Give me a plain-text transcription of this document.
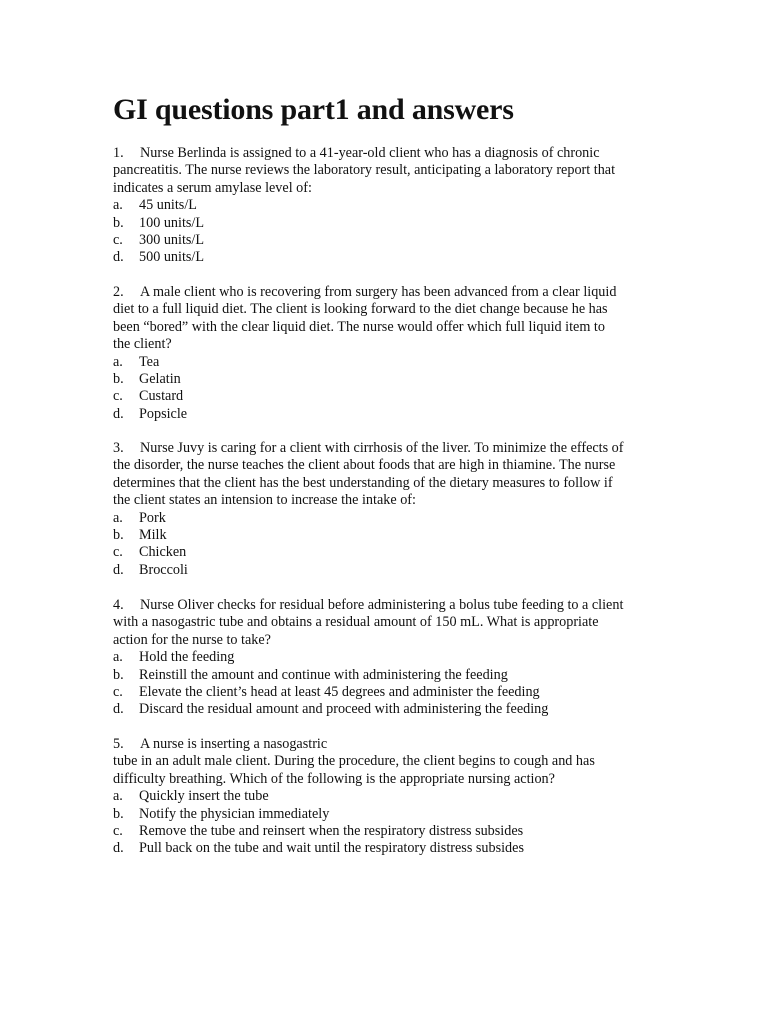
GI questions part1 and answers

1. Nurse Berlinda is assigned to a 41-year-old client who has a diagnosis of chronic
pancreatitis. The nurse reviews the laboratory result, anticipating a laboratory report that
indicates a serum amylase level of:

a. 45 units/L
b. 100 units/L
c. 300 units/L
d. 500 units/L

2. A male client who is recovering from surgery has been advanced from a clear liquid
diet to a full liquid diet. The client is looking forward to the diet change because he has
been “bored” with the clear liquid diet. The nurse would offer which full liquid item to
the client?

a. Tea
b. Gelatin
c. Custard
d. Popsicle

3. Nurse Juvy is caring for a client with cirrhosis of the liver. To minimize the effects of
the disorder, the nurse teaches the client about foods that are high in thiamine. The nurse
determines that the client has the best understanding of the dietary measures to follow if
the client states an intension to increase the intake of:

a. Pork
b. Milk
c. Chicken
d. Broccoli

4. Nurse Oliver checks for residual before administering a bolus tube feeding to a client
with a nasogastric tube and obtains a residual amount of 150 mL. What is appropriate
action for the nurse to take?

a. Hold the feeding
b. Reinstill the amount and continue with administering the feeding
c. Elevate the client’s head at least 45 degrees and administer the feeding
d. Discard the residual amount and proceed with administering the feeding

5. A nurse is inserting a nasogastric
tube in an adult male client. During the procedure, the client begins to cough and has
difficulty breathing. Which of the following is the appropriate nursing action?

a. Quickly insert the tube
b. Notify the physician immediately
c. Remove the tube and reinsert when the respiratory distress subsides
d. Pull back on the tube and wait until the respiratory distress subsides
